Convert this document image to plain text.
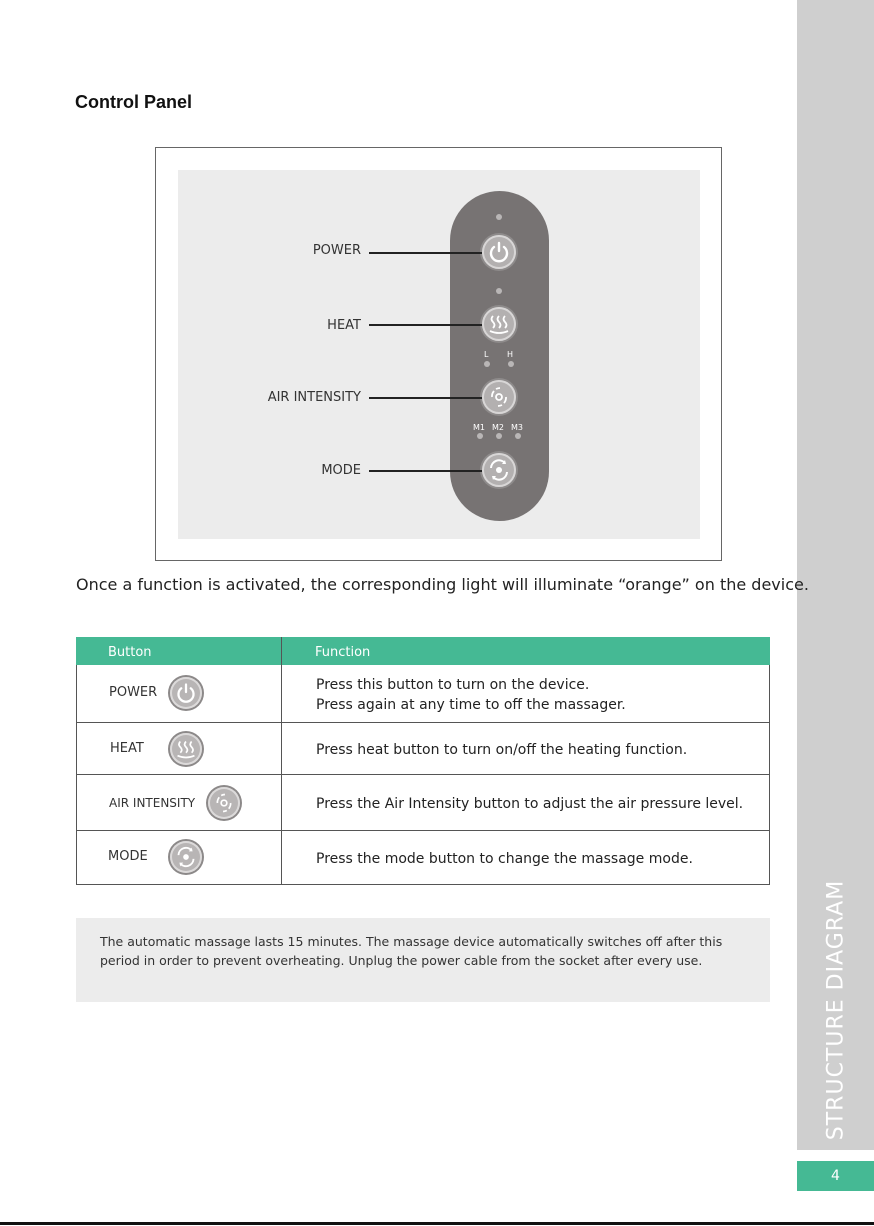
STRUCTURE DIAGRAM
4
Control Panel
L H
M1 M2 M3
POWER
HEAT
AIR INTENSITY
MODE
Once a function is activated, the corresponding light will illuminate “orange” on the device.
Button	Function
POWER	Press this button to turn on the device.
Press again at any time to off the massager.
HEAT	Press heat button to turn on/off the heating function.
AIR INTENSITY	Press the Air Intensity button to adjust the air pressure level.
MODE	Press the mode button to change the massage mode.
The automatic massage lasts 15 minutes. The massage device automatically switches off after this period in order to prevent overheating. Unplug the power cable from the socket after every use.
